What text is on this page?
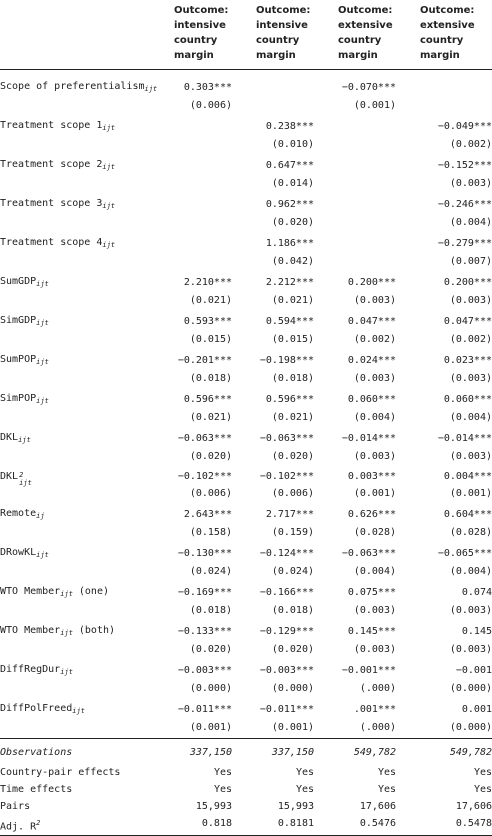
	Outcome:
intensive
country
margin	Outcome:
intensive
country
margin	Outcome:
extensive
country
margin	Outcome:
extensive
country
margin
Scope of preferentialism$_{ijt}$	0.303***		−0.070***	
	(0.006)		(0.001)	
Treatment scope $1_{ijt}$		0.238***		−0.049***
		(0.010)		(0.002)
Treatment scope $2_{ijt}$		0.647***		−0.152***
		(0.014)		(0.003)
Treatment scope $3_{ijt}$		0.962***		−0.246***
		(0.020)		(0.004)
Treatment scope $4_{ijt}$		1.186***		−0.279***
		(0.042)		(0.007)
SumGDP$_{ijt}$	2.210***	2.212***	0.200***	0.200***
	(0.021)	(0.021)	(0.003)	(0.003)
SimGDP$_{ijt}$	0.593***	0.594***	0.047***	0.047***
	(0.015)	(0.015)	(0.002)	(0.002)
SumPOP$_{ijt}$	−0.201***	−0.198***	0.024***	0.023***
	(0.018)	(0.018)	(0.003)	(0.003)
SimPOP$_{ijt}$	0.596***	0.596***	0.060***	0.060***
	(0.021)	(0.021)	(0.004)	(0.004)
$DKL_{ijt}$	−0.063***	−0.063***	−0.014***	−0.014***
	(0.020)	(0.020)	(0.003)	(0.003)
DKL 2
ijt	−0.102***	−0.102***	0.003***	0.004***
	(0.006)	(0.006)	(0.001)	(0.001)
Remote$_{ij}$	2.643***	2.717***	0.626***	0.604***
	(0.158)	(0.159)	(0.028)	(0.028)
DRowKL$_{ijt}$	−0.130***	−0.124***	−0.063***	−0.065***
	(0.024)	(0.024)	(0.004)	(0.004)
WTO Member$_{ijt}$ (one)	−0.169***	−0.166***	0.075***	0.074
	(0.018)	(0.018)	(0.003)	(0.003)
WTO Member$_{ijt}$ (both)	−0.133***	−0.129***	0.145***	0.145
	(0.020)	(0.020)	(0.003)	(0.003)
DiffRegDur$_{ijt}$	−0.003***	−0.003***	−0.001***	−0.001
	(0.000)	(0.000)	(.000)	(0.000)
DiffPolFreed$_{ijt}$	−0.011***	−0.011***	.001***	0.001
	(0.001)	(0.001)	(.000)	(0.000)
Observations	337,150	337,150	549,782	549,782
Country-pair effects	Yes	Yes	Yes	Yes
Time effects	Yes	Yes	Yes	Yes
Pairs	15,993	15,993	17,606	17,606
Adj. $R^2$	0.818	0.8181	0.5476	0.5478
